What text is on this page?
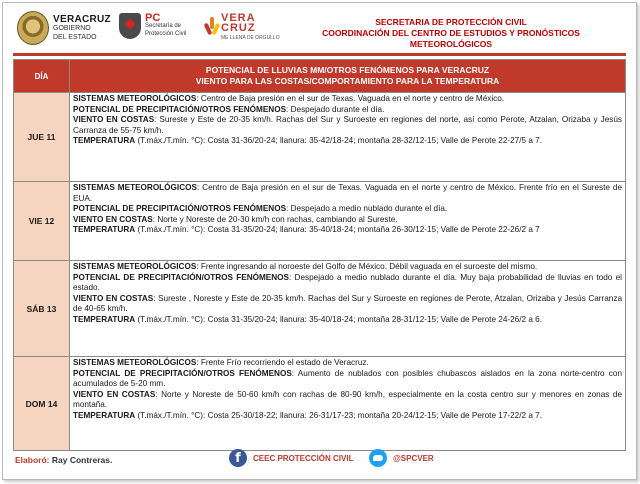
VERACRUZ
GOBIERNO
DEL ESTADO
PC
Secretaría de
Protección Civil
VERA
CRUZ
ME LLENA DE ORGULLO
SECRETARIA DE PROTECCIÓN CIVIL
COORDINACIÓN DEL CENTRO DE ESTUDIOS Y PRONÓSTICOS METEOROLÓGICOS
DÍA	POTENCIAL DE LLUVIAS MM/OTROS FENÓMENOS PARA VERACRUZ
VIENTO PARA LAS COSTAS/COMPORTAMIENTO PARA LA TEMPERATURA

JUE 11	SISTEMAS METEOROLÓGICOS: Centro de Baja presión en el sur de Texas. Vaguada en el norte y centro de México.
POTENCIAL DE PRECIPITACIÓN/OTROS FENÓMENOS: Despejado durante el día.
VIENTO EN COSTAS: Sureste y Este de 20-35 km/h. Rachas del Sur y Suroeste en regiones del norte, así como Perote, Atzalan, Orizaba y Jesús Carranza de 55-75 km/h.
TEMPERATURA (T.máx./T.mín. °C): Costa 31-36/20-24; llanura: 35-42/18-24; montaña 28-32/12-15; Valle de Perote 22-27/5 a 7.
VIE 12	SISTEMAS METEOROLÓGICOS: Centro de Baja presión en el sur de Texas. Vaguada en el norte y centro de México. Frente frío en el Sureste de EUA.
POTENCIAL DE PRECIPITACIÓN/OTROS FENÓMENOS: Despejado a medio nublado durante el día.
VIENTO EN COSTAS: Norte y Noreste de 20-30 km/h con rachas, cambiando al Sureste.
TEMPERATURA (T.máx./T.mín. °C): Costa 31-35/20-24; llanura: 35-40/18-24; montaña 26-30/12-15; Valle de Perote 22-26/2 a 7
SÁB 13	SISTEMAS METEOROLÓGICOS: Frente ingresando al noroeste del Golfo de México. Débil vaguada en el suroeste del mismo.
POTENCIAL DE PRECIPITACIÓN/OTROS FENÓMENOS: Despejado a medio nublado durante el día. Muy baja probabilidad de lluvias en todo el estado.
VIENTO EN COSTAS: Sureste , Noreste y Este de 20-35 km/h. Rachas del Sur y Suroeste en regiones de Perote, Atzalan, Orizaba y Jesús Carranza de 40-65 km/h.
TEMPERATURA (T.máx./T.mín. °C): Costa 31-35/20-24; llanura: 35-40/18-24; montaña 28-31/12-15; Valle de Perote 24-26/2 a 6.
DOM 14	SISTEMAS METEOROLÓGICOS: Frente Frío recorriendo el estado de Veracruz.
POTENCIAL DE PRECIPITACIÓN/OTROS FENÓMENOS: Aumento de nublados con posibles chubascos aislados en la zona norte-centro con acumulados de 5-20 mm.
VIENTO EN COSTAS: Norte y Noreste de 50-60 km/h con rachas de 80-90 km/h, especialmente en la costa centro sur y menores en zonas de montaña.
TEMPERATURA (T.máx./T.mín. °C): Costa 25-30/18-22; llanura: 26-31/17-23; montaña 20-24/12-15; Valle de Perote 17-22/2 a 7.
Elaboró: Ray Contreras.	f	CEEC PROTECCIÓN CIVIL	@SPCVER
